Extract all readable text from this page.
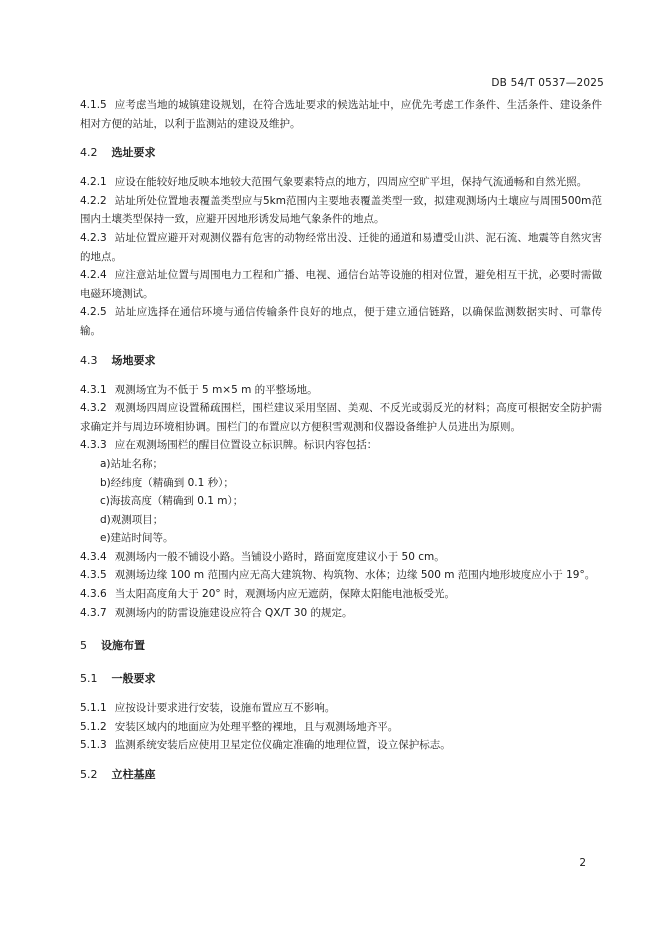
DB 54/T 0537—2025

4.1.5 应考虑当地的城镇建设规划，在符合选址要求的候选站址中，应优先考虑工作条件、生活条件、建设条件相对方便的站址，以利于监测站的建设及维护。

4.2 选址要求

4.2.1 应设在能较好地反映本地较大范围气象要素特点的地方，四周应空旷平坦，保持气流通畅和自然光照。

4.2.2 站址所处位置地表覆盖类型应与5km范围内主要地表覆盖类型一致，拟建观测场内土壤应与周围500m范围内土壤类型保持一致，应避开因地形诱发局地气象条件的地点。

4.2.3 站址位置应避开对观测仪器有危害的动物经常出没、迁徙的通道和易遭受山洪、泥石流、地震等自然灾害的地点。

4.2.4 应注意站址位置与周围电力工程和广播、电视、通信台站等设施的相对位置，避免相互干扰，必要时需做电磁环境测试。

4.2.5 站址应选择在通信环境与通信传输条件良好的地点，便于建立通信链路，以确保监测数据实时、可靠传输。

4.3 场地要求

4.3.1 观测场宜为不低于 5 m×5 m 的平整场地。

4.3.2 观测场四周应设置稀疏围栏，围栏建议采用坚固、美观、不反光或弱反光的材料；高度可根据安全防护需求确定并与周边环境相协调。围栏门的布置应以方便积雪观测和仪器设备维护人员进出为原则。

4.3.3 应在观测场围栏的醒目位置设立标识牌。标识内容包括：

a)站址名称；

b)经纬度（精确到 0.1 秒）；

c)海拔高度（精确到 0.1 m）；

d)观测项目；

e)建站时间等。

4.3.4 观测场内一般不铺设小路。当铺设小路时，路面宽度建议小于 50 cm。

4.3.5 观测场边缘 100 m 范围内应无高大建筑物、构筑物、水体；边缘 500 m 范围内地形坡度应小于 19°。

4.3.6 当太阳高度角大于 20° 时，观测场内应无遮荫，保障太阳能电池板受光。

4.3.7 观测场内的防雷设施建设应符合 QX/T 30 的规定。

5 设施布置

5.1 一般要求

5.1.1 应按设计要求进行安装，设施布置应互不影响。

5.1.2 安装区域内的地面应为处理平整的裸地，且与观测场地齐平。

5.1.3 监测系统安装后应使用卫星定位仪确定准确的地理位置，设立保护标志。

5.2 立柱基座

2
